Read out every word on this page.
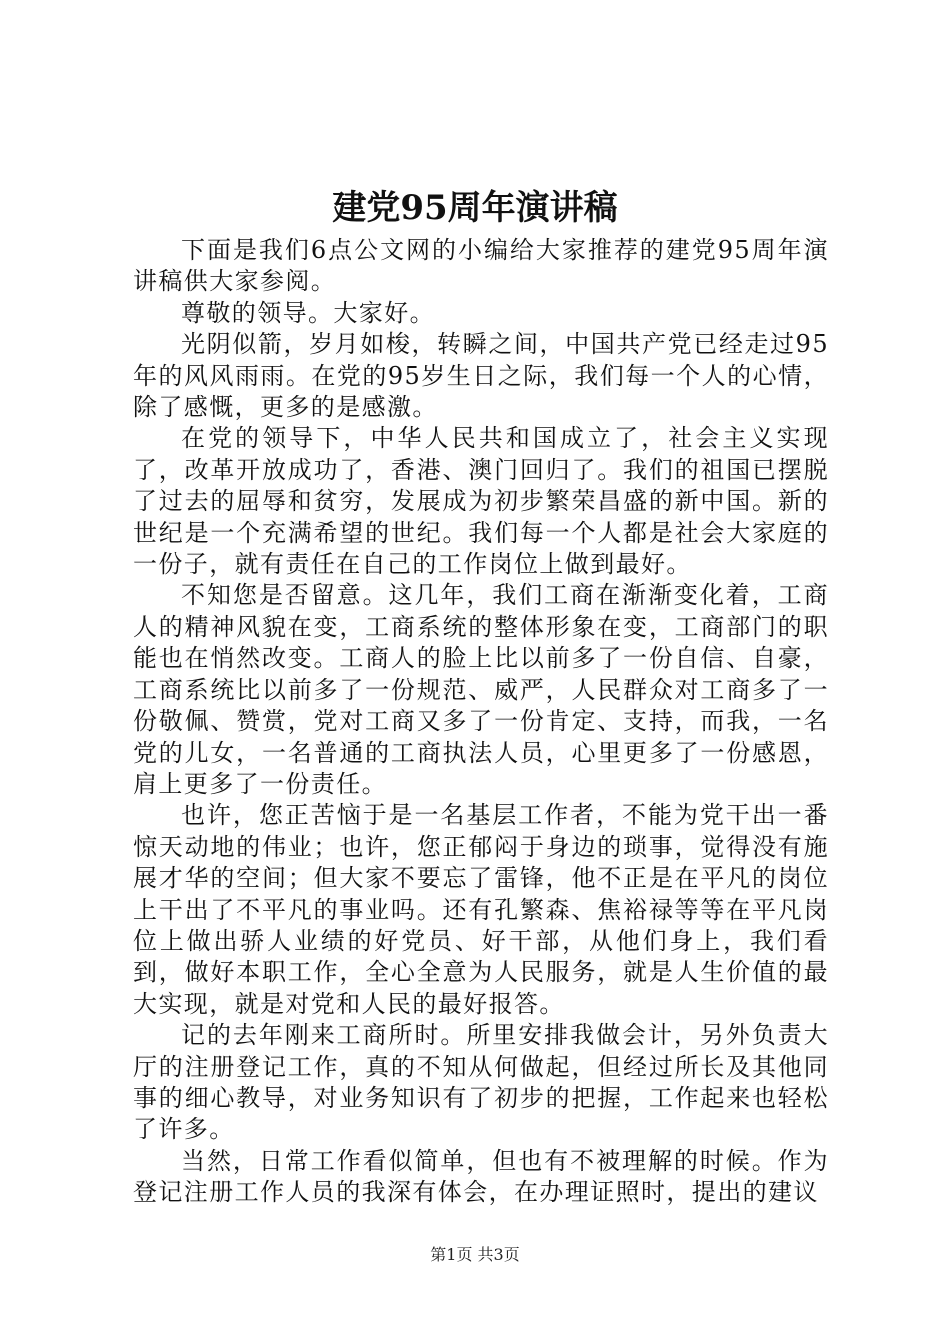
建党95周年演讲稿

下面是我们6点公文网的小编给大家推荐的建党95周年演讲稿供大家参阅。

尊敬的领导。大家好。

光阴似箭，岁月如梭，转瞬之间，中国共产党已经走过95年的风风雨雨。在党的95岁生日之际，我们每一个人的心情，除了感慨，更多的是感激。

在党的领导下，中华人民共和国成立了，社会主义实现了，改革开放成功了，香港、澳门回归了。我们的祖国已摆脱了过去的屈辱和贫穷，发展成为初步繁荣昌盛的新中国。新的世纪是一个充满希望的世纪。我们每一个人都是社会大家庭的一份子，就有责任在自己的工作岗位上做到最好。

不知您是否留意。这几年，我们工商在渐渐变化着，工商人的精神风貌在变，工商系统的整体形象在变，工商部门的职能也在悄然改变。工商人的脸上比以前多了一份自信、自豪，工商系统比以前多了一份规范、威严，人民群众对工商多了一份敬佩、赞赏，党对工商又多了一份肯定、支持，而我，一名党的儿女，一名普通的工商执法人员，心里更多了一份感恩，肩上更多了一份责任。

也许，您正苦恼于是一名基层工作者，不能为党干出一番惊天动地的伟业；也许，您正郁闷于身边的琐事，觉得没有施展才华的空间；但大家不要忘了雷锋，他不正是在平凡的岗位上干出了不平凡的事业吗。还有孔繁森、焦裕禄等等在平凡岗位上做出骄人业绩的好党员、好干部，从他们身上，我们看到，做好本职工作，全心全意为人民服务，就是人生价值的最大实现，就是对党和人民的最好报答。

记的去年刚来工商所时。所里安排我做会计，另外负责大厅的注册登记工作，真的不知从何做起，但经过所长及其他同事的细心教导，对业务知识有了初步的把握，工作起来也轻松了许多。

当然，日常工作看似简单，但也有不被理解的时候。作为登记注册工作人员的我深有体会，在办理证照时，提出的建议

第1页 共3页
